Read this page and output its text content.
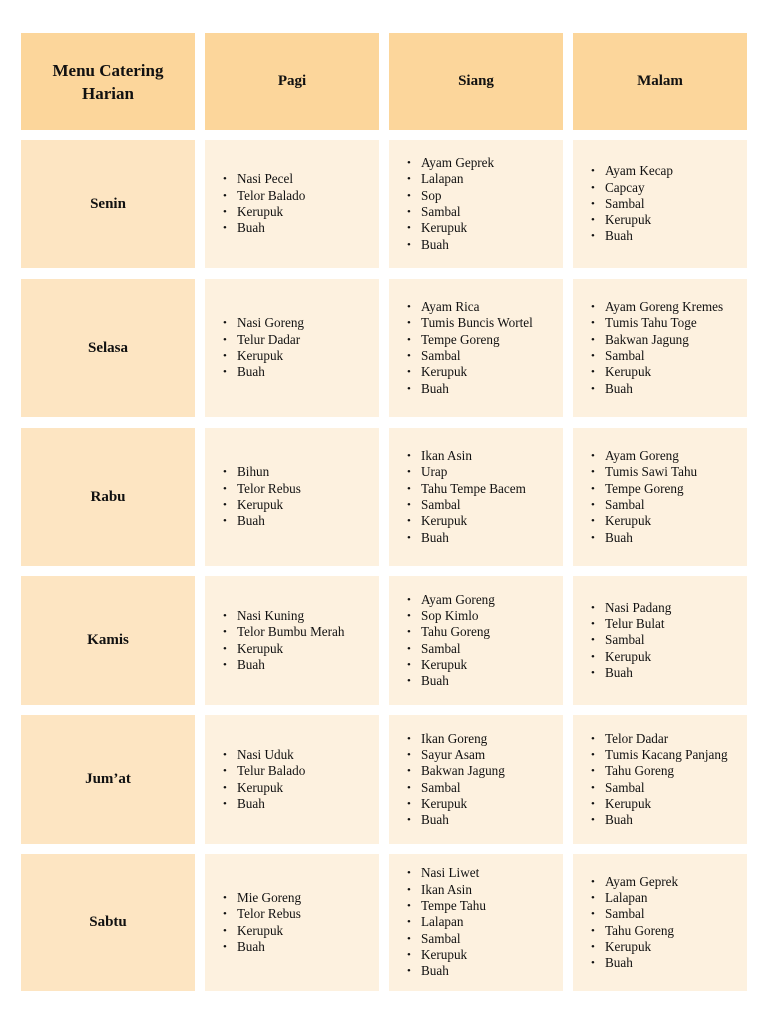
Menu Catering
Harian
Pagi	Siang	Malam
Senin
• Nasi Pecel
• Telor Balado
• Kerupuk
• Buah
• Ayam Geprek
• Lalapan
• Sop
• Sambal
• Kerupuk
• Buah
• Ayam Kecap
• Capcay
• Sambal
• Kerupuk
• Buah
Selasa
• Nasi Goreng
• Telur Dadar
• Kerupuk
• Buah
• Ayam Rica
• Tumis Buncis Wortel
• Tempe Goreng
• Sambal
• Kerupuk
• Buah
• Ayam Goreng Kremes
• Tumis Tahu Toge
• Bakwan Jagung
• Sambal
• Kerupuk
• Buah
Rabu
• Bihun
• Telor Rebus
• Kerupuk
• Buah
• Ikan Asin
• Urap
• Tahu Tempe Bacem
• Sambal
• Kerupuk
• Buah
• Ayam Goreng
• Tumis Sawi Tahu
• Tempe Goreng
• Sambal
• Kerupuk
• Buah
Kamis
• Nasi Kuning
• Telor Bumbu Merah
• Kerupuk
• Buah
• Ayam Goreng
• Sop Kimlo
• Tahu Goreng
• Sambal
• Kerupuk
• Buah
• Nasi Padang
• Telur Bulat
• Sambal
• Kerupuk
• Buah
Jum’at
• Nasi Uduk
• Telur Balado
• Kerupuk
• Buah
• Ikan Goreng
• Sayur Asam
• Bakwan Jagung
• Sambal
• Kerupuk
• Buah
• Telor Dadar
• Tumis Kacang Panjang
• Tahu Goreng
• Sambal
• Kerupuk
• Buah
Sabtu
• Mie Goreng
• Telor Rebus
• Kerupuk
• Buah
• Nasi Liwet
• Ikan Asin
• Tempe Tahu
• Lalapan
• Sambal
• Kerupuk
• Buah
• Ayam Geprek
• Lalapan
• Sambal
• Tahu Goreng
• Kerupuk
• Buah
